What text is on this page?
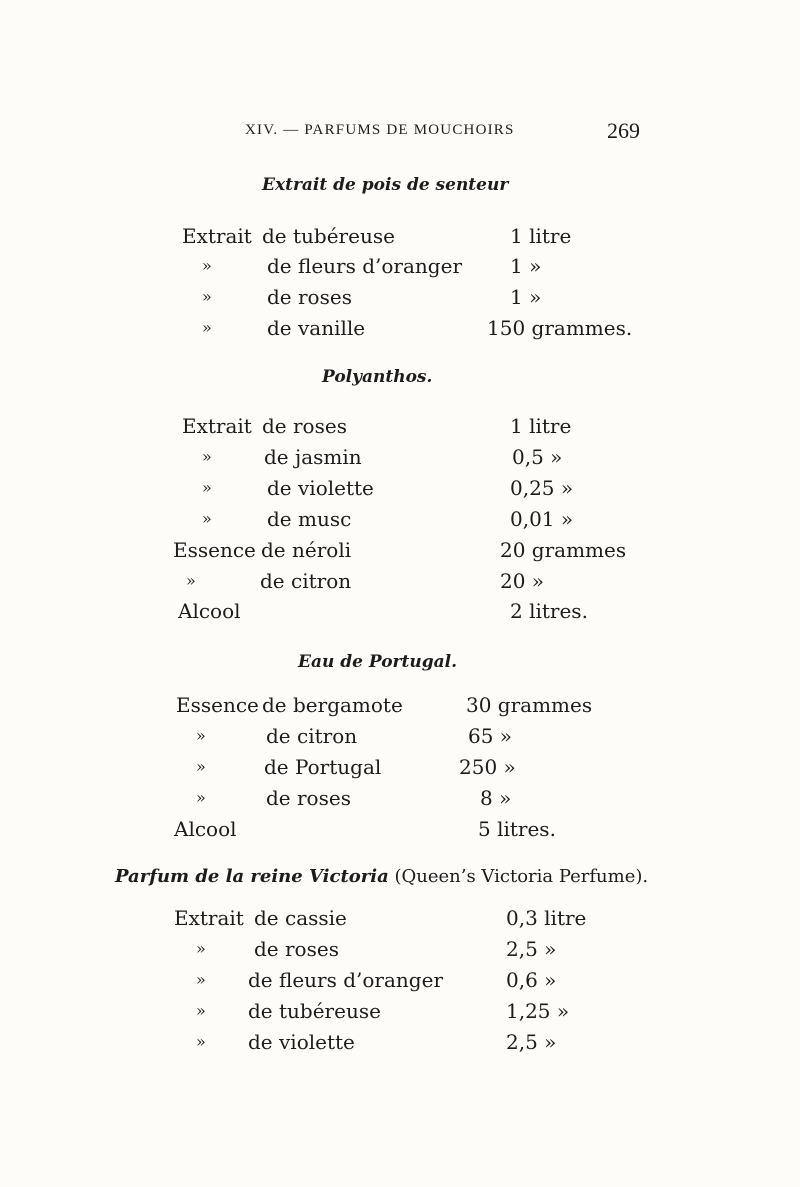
XIV. — PARFUMS DE MOUCHOIRS	269
Extrait de pois de senteur
Extrait de tubéreuse	1 litre
»	de fleurs d’oranger 1 »
»	de roses	1 »
»	de vanille	150 grammes.
Polyanthos.
Extrait de roses	1 litre
»	de jasmin	0,5 »
»	de violette	0,25 »
»	de musc	0,01 »
Essence de néroli	20 grammes
»	de citron	20 »
Alcool	2 litres.
Eau de Portugal.
Essence de bergamote	30 grammes
»	de citron	65 »
»	de Portugal	250 »
»	de roses	8 »
Alcool	5 litres.
Parfum de la reine Victoria (Queen’s Victoria Perfume).
Extrait de cassie	0,3 litre
» de roses	2,5 »
» de fleurs d’oranger	0,6 »
» de tubéreuse	1,25 »
» de violette	2,5 »
